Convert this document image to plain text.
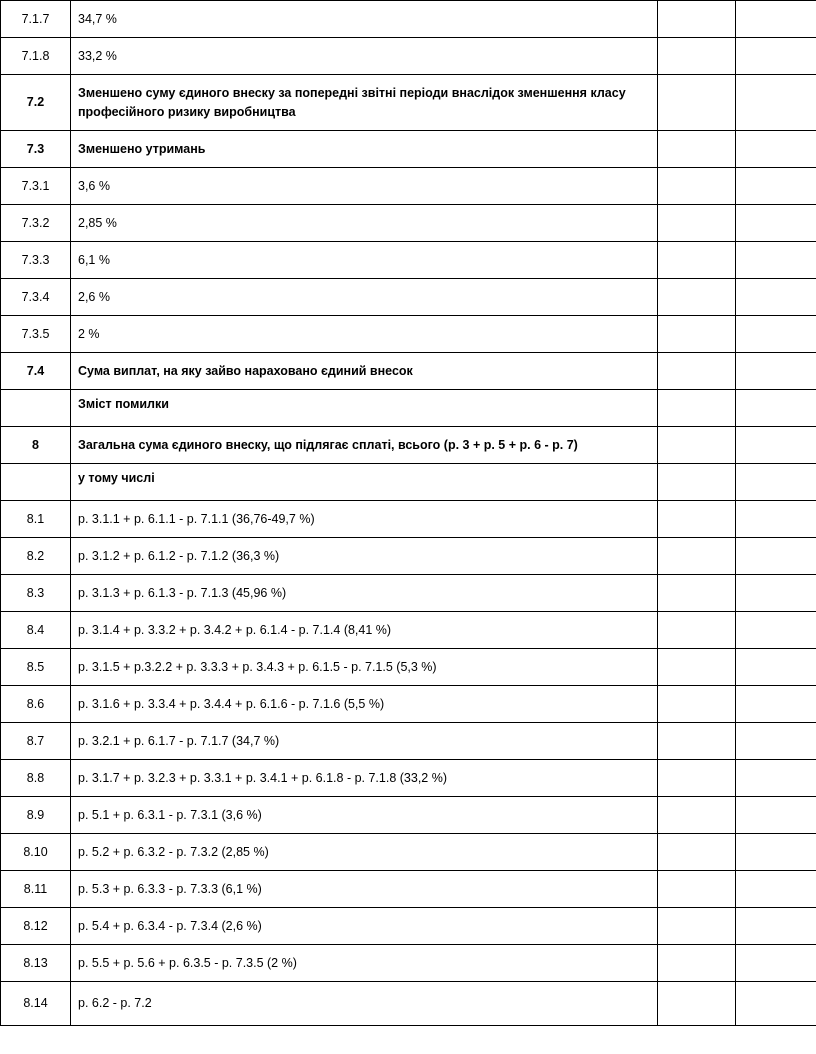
7.1.7	34,7 %		
7.1.8	33,2 %		
7.2	Зменшено суму єдиного внеску за попередні звітні періоди внаслідок зменшення класу професійного ризику виробництва		
7.3	Зменшено утримань		
7.3.1	3,6 %		
7.3.2	2,85 %		
7.3.3	6,1 %		
7.3.4	2,6 %		
7.3.5	2 %		
7.4	Сума виплат, на яку зайво нараховано єдиний внесок		
	Зміст помилки		
8	Загальна сума єдиного внеску, що підлягає сплаті, всього (р. 3 + р. 5 + р. 6 - р. 7)		
	у тому числі		
8.1	р. 3.1.1 + р. 6.1.1 - р. 7.1.1 (36,76-49,7 %)		
8.2	р. 3.1.2 + р. 6.1.2 - р. 7.1.2 (36,3 %)		
8.3	р. 3.1.3 + р. 6.1.3 - р. 7.1.3 (45,96 %)		
8.4	р. 3.1.4 + р. 3.3.2 + р. 3.4.2 + р. 6.1.4 - р. 7.1.4 (8,41 %)		
8.5	р. 3.1.5 + р.3.2.2 + р. 3.3.3 + р. 3.4.3 + р. 6.1.5 - р. 7.1.5 (5,3 %)		
8.6	р. 3.1.6 + р. 3.3.4 + р. 3.4.4 + р. 6.1.6 - р. 7.1.6 (5,5 %)		
8.7	р. 3.2.1 + р. 6.1.7 - р. 7.1.7 (34,7 %)		
8.8	р. 3.1.7 + р. 3.2.3 + р. 3.3.1 + р. 3.4.1 + р. 6.1.8 - р. 7.1.8 (33,2 %)		
8.9	р. 5.1 + р. 6.3.1 - р. 7.3.1 (3,6 %)		
8.10	р. 5.2 + р. 6.3.2 - р. 7.3.2 (2,85 %)		
8.11	р. 5.3 + р. 6.3.3 - р. 7.3.3 (6,1 %)		
8.12	р. 5.4 + р. 6.3.4 - р. 7.3.4 (2,6 %)		
8.13	р. 5.5 + р. 5.6 + р. 6.3.5 - р. 7.3.5 (2 %)		
8.14	р. 6.2 - р. 7.2		
